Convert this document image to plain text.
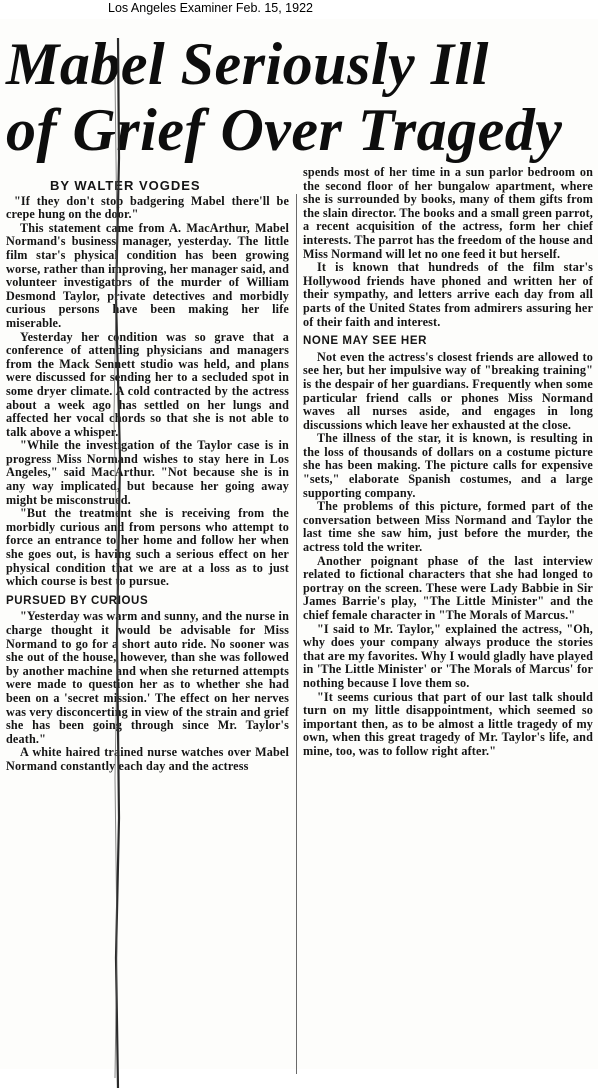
Los Angeles Examiner Feb. 15, 1922
Mabel Seriously Ill
of Grief Over Tragedy
BY WALTER VOGDES

"If they don't stop badgering Mabel there'll be crepe hung on the door."

This statement came from A. MacArthur, Mabel Normand's business manager, yesterday. The little film star's physical condition has been growing worse, rather than improving, her manager said, and volunteer investigators of the murder of William Desmond Taylor, private detectives and morbidly curious persons have been making her life miserable.

Yesterday her condition was so grave that a conference of attending physicians and managers from the Mack Sennett studio was held, and plans were discussed for sending her to a secluded spot in some dryer climate. A cold contracted by the actress about a week ago has settled on her lungs and affected her vocal chords so that she is not able to talk above a whisper.

"While the investigation of the Taylor case is in progress Miss Normand wishes to stay here in Los Angeles," said MacArthur. "Not because she is in any way implicated, but because her going away might be misconstrued.

"But the treatment she is receiving from the morbidly curious and from persons who attempt to force an entrance to her home and follow her when she goes out, is having such a serious effect on her physical condition that we are at a loss as to just which course is best to pursue.

PURSUED BY CURIOUS

"Yesterday was warm and sunny, and the nurse in charge thought it would be advisable for Miss Normand to go for a short auto ride. No sooner was she out of the house, however, than she was followed by another machine and when she returned attempts were made to question her as to whether she had been on a 'secret mission.' The effect on her nerves was very disconcerting in view of the strain and grief she has been going through since Mr. Taylor's death."

A white haired trained nurse watches over Mabel Normand constantly each day and the actress

spends most of her time in a sun parlor bedroom on the second floor of her bungalow apartment, where she is surrounded by books, many of them gifts from the slain director. The books and a small green parrot, a recent acquisition of the actress, form her chief interests. The parrot has the freedom of the house and Miss Normand will let no one feed it but herself.

It is known that hundreds of the film star's Hollywood friends have phoned and written her of their sympathy, and letters arrive each day from all parts of the United States from admirers assuring her of their faith and interest.

NONE MAY SEE HER

Not even the actress's closest friends are allowed to see her, but her impulsive way of "breaking training" is the despair of her guardians. Frequently when some particular friend calls or phones Miss Normand waves all nurses aside, and engages in long discussions which leave her exhausted at the close.

The illness of the star, it is known, is resulting in the loss of thousands of dollars on a costume picture she has been making. The picture calls for expensive "sets," elaborate Spanish costumes, and a large supporting company.

The problems of this picture, formed part of the conversation between Miss Normand and Taylor the last time she saw him, just before the murder, the actress told the writer.

Another poignant phase of the last interview related to fictional characters that she had longed to portray on the screen. These were Lady Babbie in Sir James Barrie's play, "The Little Minister" and the chief female character in "The Morals of Marcus."

"I said to Mr. Taylor," explained the actress, "Oh, why does your company always produce the stories that are my favorites. Why I would gladly have played in 'The Little Minister' or 'The Morals of Marcus' for nothing because I love them so.

"It seems curious that part of our last talk should turn on my little disappointment, which seemed so important then, as to be almost a little tragedy of my own, when this great tragedy of Mr. Taylor's life, and mine, too, was to follow right after."
